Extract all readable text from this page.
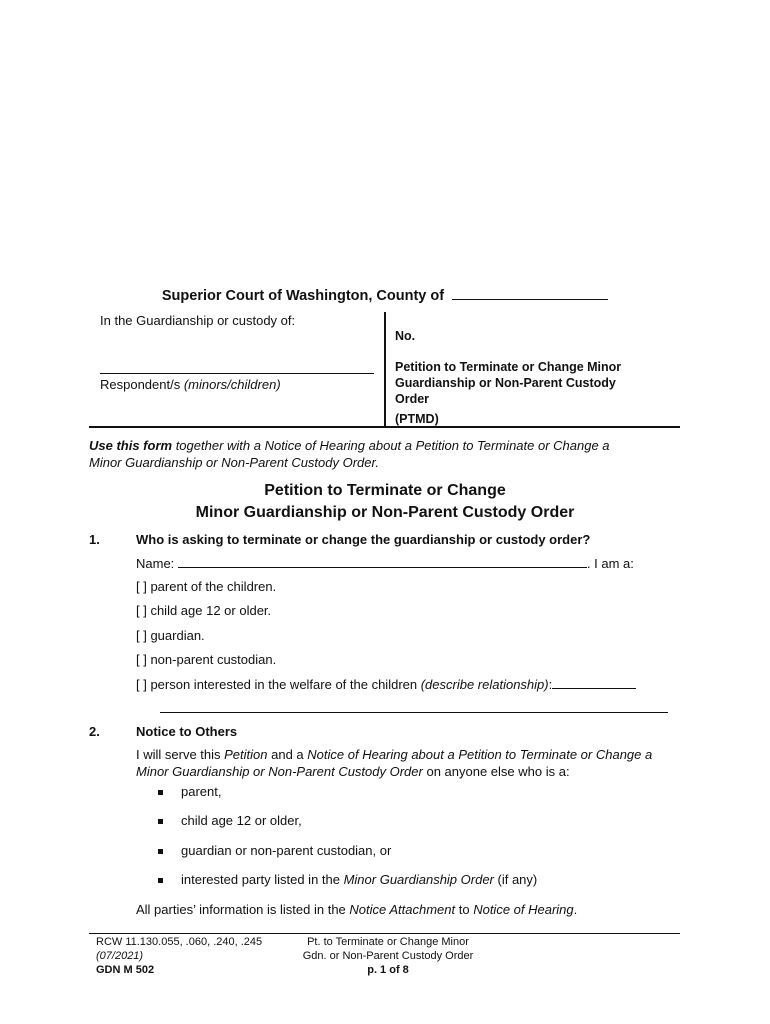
Superior Court of Washington, County of
In the Guardianship or custody of:
Respondent/s (minors/children)
No.
Petition to Terminate or Change Minor
Guardianship or Non-Parent Custody
Order
(PTMD)
Use this form together with a Notice of Hearing about a Petition to Terminate or Change a
Minor Guardianship or Non-Parent Custody Order.
Petition to Terminate or Change
Minor Guardianship or Non-Parent Custody Order
1.	Who is asking to terminate or change the guardianship or custody order?
Name:	. I am a:
[ ] parent of the children.
[ ] child age 12 or older.
[ ] guardian.
[ ] non-parent custodian.
[ ] person interested in the welfare of the children (describe relationship):
2.	Notice to Others
I will serve this Petition and a Notice of Hearing about a Petition to Terminate or Change a
Minor Guardianship or Non-Parent Custody Order on anyone else who is a:
parent,
child age 12 or older,
guardian or non-parent custodian, or
interested party listed in the Minor Guardianship Order (if any)
All parties’ information is listed in the Notice Attachment to Notice of Hearing.
RCW 11.130.055, .060, .240, .245
(07/2021)
GDN M 502
Pt. to Terminate or Change Minor
Gdn. or Non-Parent Custody Order
p. 1 of 8
